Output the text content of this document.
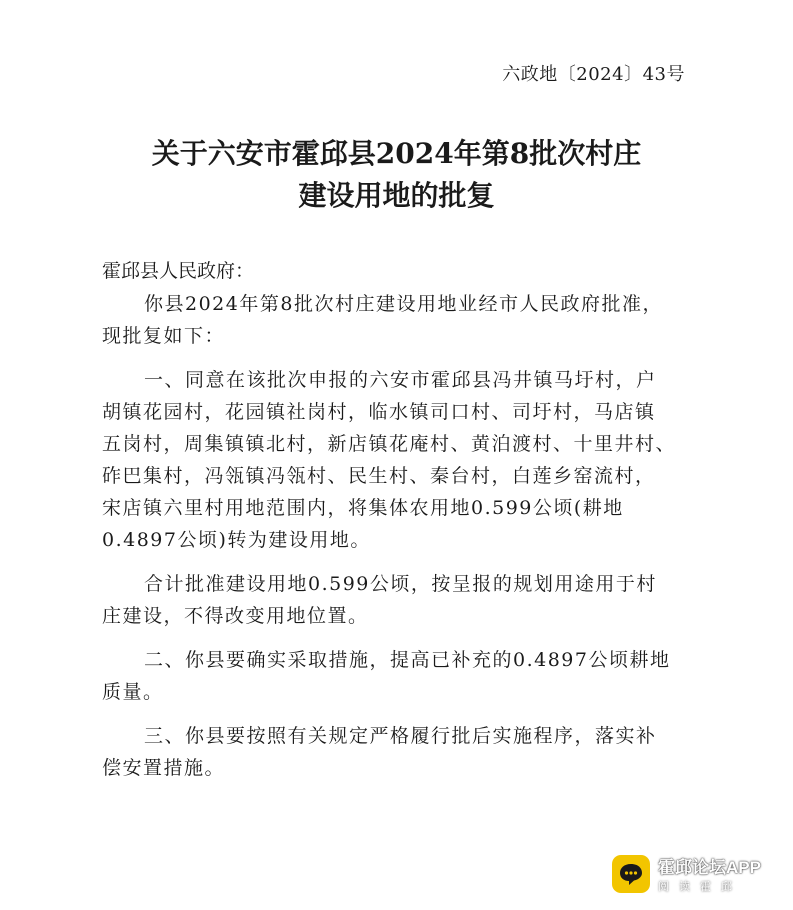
六政地〔2024〕43号
关于六安市霍邱县2024年第8批次村庄
建设用地的批复
霍邱县人民政府：
你县2024年第8批次村庄建设用地业经市人民政府批准，
现批复如下：
一、同意在该批次申报的六安市霍邱县冯井镇马圩村，户
胡镇花园村，花园镇社岗村，临水镇司口村、司圩村，马店镇
五岗村，周集镇镇北村，新店镇花庵村、黄泊渡村、十里井村、
砟巴集村，冯瓴镇冯瓴村、民生村、秦台村，白莲乡窑流村，
宋店镇六里村用地范围内，将集体农用地0.599公顷(耕地
0.4897公顷)转为建设用地。
合计批准建设用地0.599公顷，按呈报的规划用途用于村
庄建设，不得改变用地位置。
二、你县要确实采取措施，提高已补充的0.4897公顷耕地
质量。
三、你县要按照有关规定严格履行批后实施程序，落实补
偿安置措施。
霍邱论坛APP
阅读霍邱
